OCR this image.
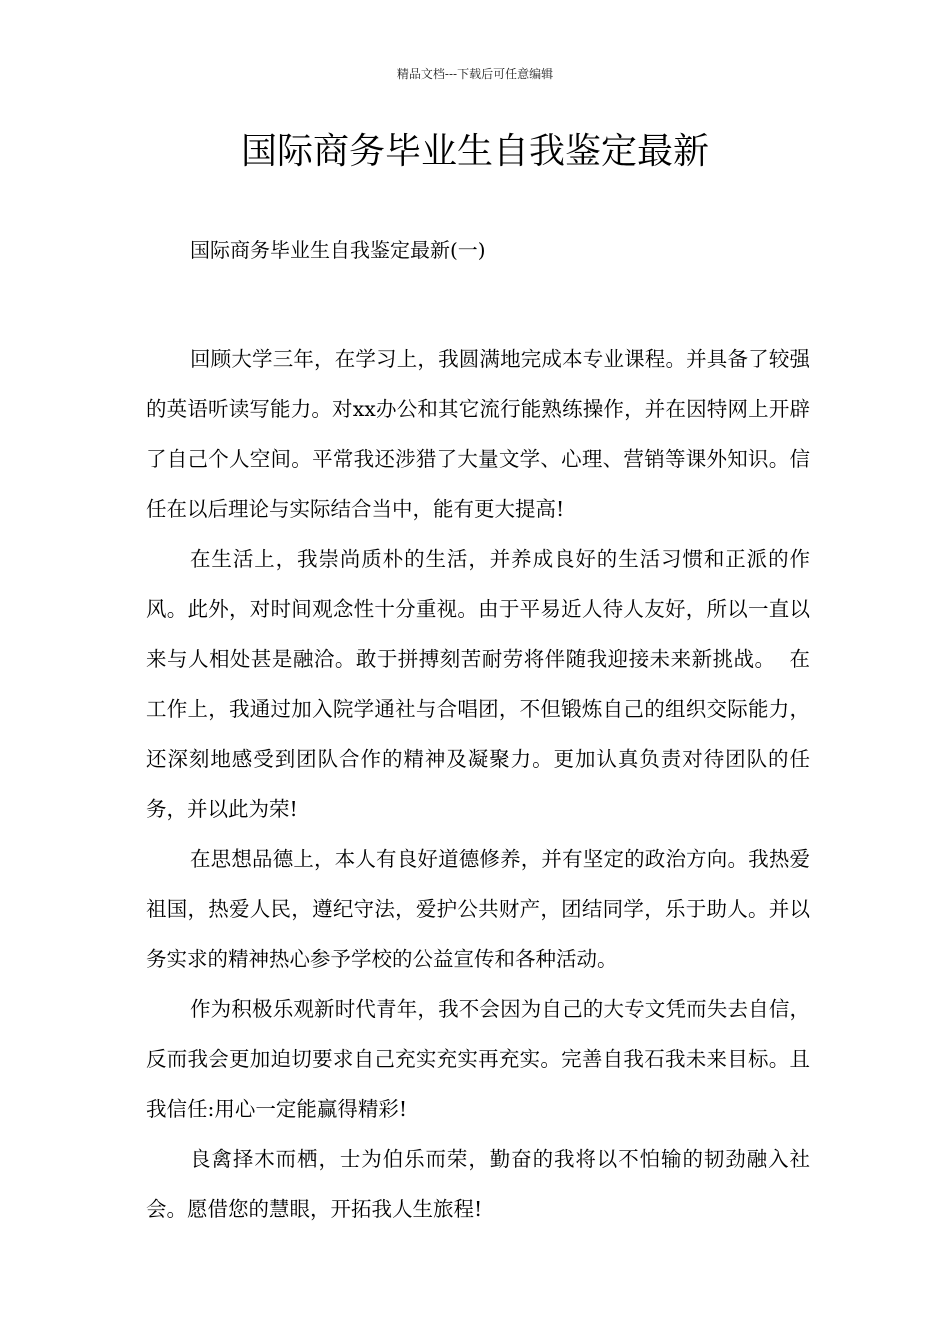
精品文档---下载后可任意编辑
国际商务毕业生自我鉴定最新

国际商务毕业生自我鉴定最新(一)

回顾大学三年，在学习上，我圆满地完成本专业课程。并具备了较强的英语听读写能力。对xx办公和其它流行能熟练操作，并在因特网上开辟了自己个人空间。平常我还涉猎了大量文学、心理、营销等课外知识。信任在以后理论与实际结合当中，能有更大提高!

在生活上，我崇尚质朴的生活，并养成良好的生活习惯和正派的作风。此外，对时间观念性十分重视。由于平易近人待人友好，所以一直以来与人相处甚是融洽。敢于拼搏刻苦耐劳将伴随我迎接未来新挑战。  在工作上，我通过加入院学通社与合唱团，不但锻炼自己的组织交际能力，还深刻地感受到团队合作的精神及凝聚力。更加认真负责对待团队的任务，并以此为荣!

在思想品德上，本人有良好道德修养，并有坚定的政治方向。我热爱祖国，热爱人民，遵纪守法，爱护公共财产，团结同学，乐于助人。并以务实求的精神热心参予学校的公益宣传和各种活动。

作为积极乐观新时代青年，我不会因为自己的大专文凭而失去自信，反而我会更加迫切要求自己充实充实再充实。完善自我石我未来目标。且我信任:用心一定能赢得精彩!

良禽择木而栖，士为伯乐而荣，勤奋的我将以不怕输的韧劲融入社会。愿借您的慧眼，开拓我人生旅程!
